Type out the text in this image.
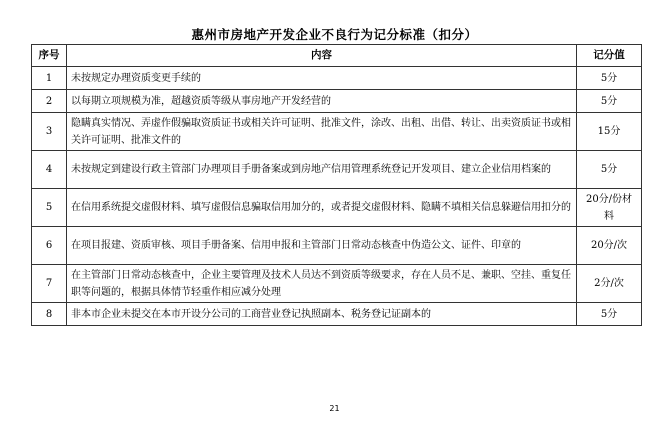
惠州市房地产开发企业不良行为记分标准（扣分）
序号	内容	记分值
1	未按规定办理资质变更手续的	5分
2	以每期立项规模为准，超越资质等级从事房地产开发经营的	5分
3	隐瞒真实情况、弄虚作假骗取资质证书或相关许可证明、批准文件，涂改、出租、出借、转让、出卖资质证书或相关许可证明、批准文件的	15分
4	未按规定到建设行政主管部门办理项目手册备案或到房地产信用管理系统登记开发项目、建立企业信用档案的	5分
5	在信用系统提交虚假材料、填写虚假信息骗取信用加分的，或者提交虚假材料、隐瞒不填相关信息躲避信用扣分的	20分/份材料
6	在项目报建、资质审核、项目手册备案、信用申报和主管部门日常动态核查中伪造公文、证件、印章的	20分/次
7	在主管部门日常动态核查中，企业主要管理及技术人员达不到资质等级要求，存在人员不足、兼职、空挂、重复任职等问题的，根据具体情节轻重作相应减分处理	2分/次
8	非本市企业未提交在本市开设分公司的工商营业登记执照副本、税务登记证副本的	5分
21
